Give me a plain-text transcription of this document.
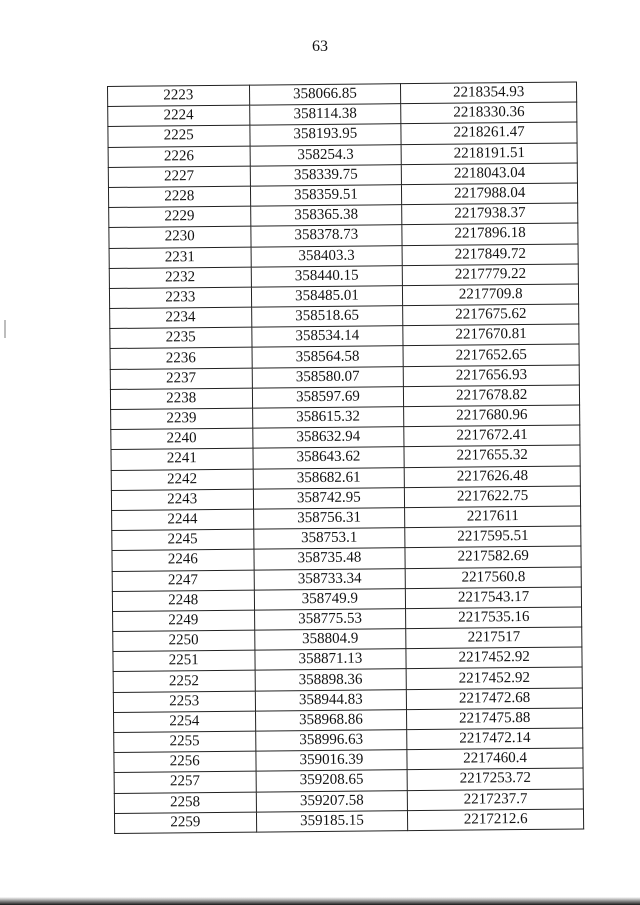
63
2223	358066.85	2218354.93
2224	358114.38	2218330.36
2225	358193.95	2218261.47
2226	358254.3	2218191.51
2227	358339.75	2218043.04
2228	358359.51	2217988.04
2229	358365.38	2217938.37
2230	358378.73	2217896.18
2231	358403.3	2217849.72
2232	358440.15	2217779.22
2233	358485.01	2217709.8
2234	358518.65	2217675.62
2235	358534.14	2217670.81
2236	358564.58	2217652.65
2237	358580.07	2217656.93
2238	358597.69	2217678.82
2239	358615.32	2217680.96
2240	358632.94	2217672.41
2241	358643.62	2217655.32
2242	358682.61	2217626.48
2243	358742.95	2217622.75
2244	358756.31	2217611
2245	358753.1	2217595.51
2246	358735.48	2217582.69
2247	358733.34	2217560.8
2248	358749.9	2217543.17
2249	358775.53	2217535.16
2250	358804.9	2217517
2251	358871.13	2217452.92
2252	358898.36	2217452.92
2253	358944.83	2217472.68
2254	358968.86	2217475.88
2255	358996.63	2217472.14
2256	359016.39	2217460.4
2257	359208.65	2217253.72
2258	359207.58	2217237.7
2259	359185.15	2217212.6
